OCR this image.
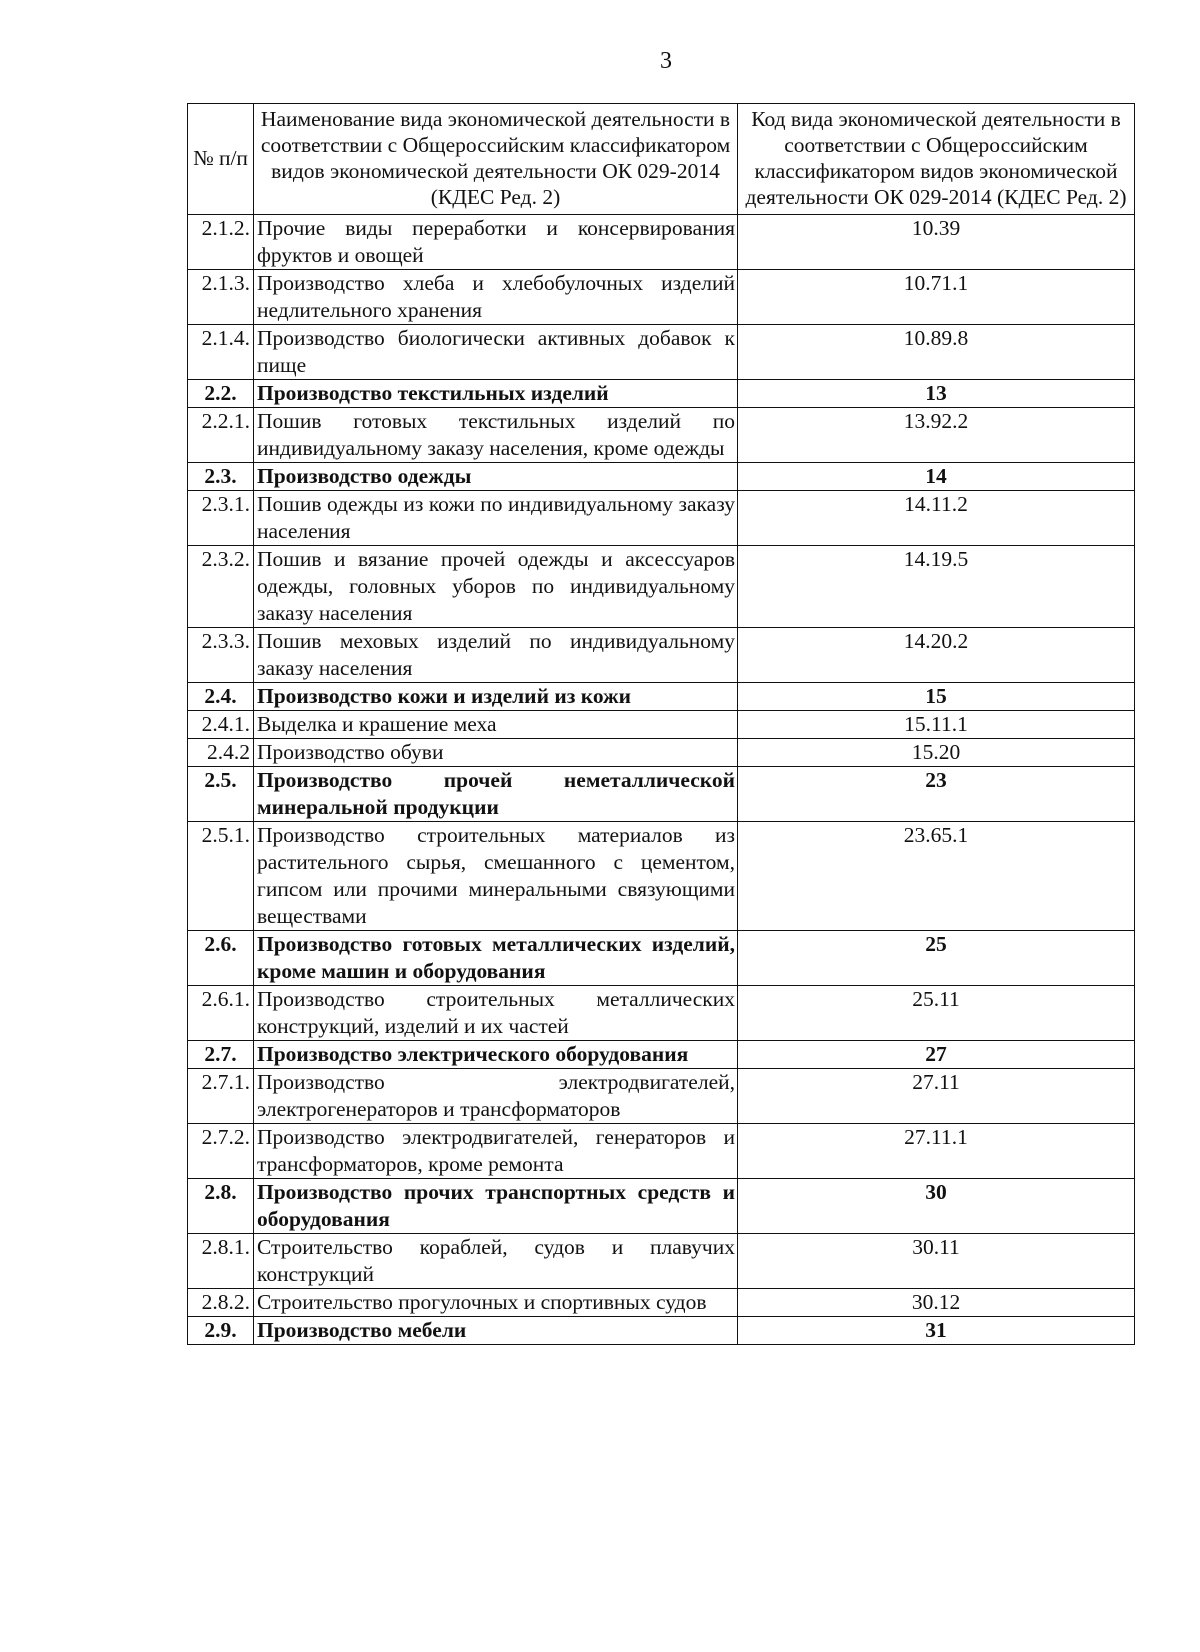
3
№ п/п	Наименование вида экономической деятельности в соответствии с Общероссийским классификатором видов экономической деятельности ОК 029-2014 (КДЕС Ред. 2)	Код вида экономической деятельности в соответствии с Общероссийским классификатором видов экономической деятельности ОК 029-2014 (КДЕС Ред. 2)
2.1.2.	Прочие виды переработки и консервирования фруктов и овощей	10.39
2.1.3.	Производство хлеба и хлебобулочных изделий недлительного хранения	10.71.1
2.1.4.	Производство биологически активных добавок к пище	10.89.8
2.2.	Производство текстильных изделий	13
2.2.1.	Пошив готовых текстильных изделий по индивидуальному заказу населения, кроме одежды	13.92.2
2.3.	Производство одежды	14
2.3.1.	Пошив одежды из кожи по индивидуальному заказу населения	14.11.2
2.3.2.	Пошив и вязание прочей одежды и аксессуаров одежды, головных уборов по индивидуальному заказу населения	14.19.5
2.3.3.	Пошив меховых изделий по индивидуальному заказу населения	14.20.2
2.4.	Производство кожи и изделий из кожи	15
2.4.1.	Выделка и крашение меха	15.11.1
2.4.2	Производство обуви	15.20
2.5.	Производство прочей неметаллической минеральной продукции	23
2.5.1.	Производство строительных материалов из растительного сырья, смешанного с цементом, гипсом или прочими минеральными связующими веществами	23.65.1
2.6.	Производство готовых металлических изделий, кроме машин и оборудования	25
2.6.1.	Производство строительных металлических конструкций, изделий и их частей	25.11
2.7.	Производство электрического оборудования	27
2.7.1.	Производство электродвигателей, электрогенераторов и трансформаторов	27.11
2.7.2.	Производство электродвигателей, генераторов и трансформаторов, кроме ремонта	27.11.1
2.8.	Производство прочих транспортных средств и оборудования	30
2.8.1.	Строительство кораблей, судов и плавучих конструкций	30.11
2.8.2.	Строительство прогулочных и спортивных судов	30.12
2.9.	Производство мебели	31
